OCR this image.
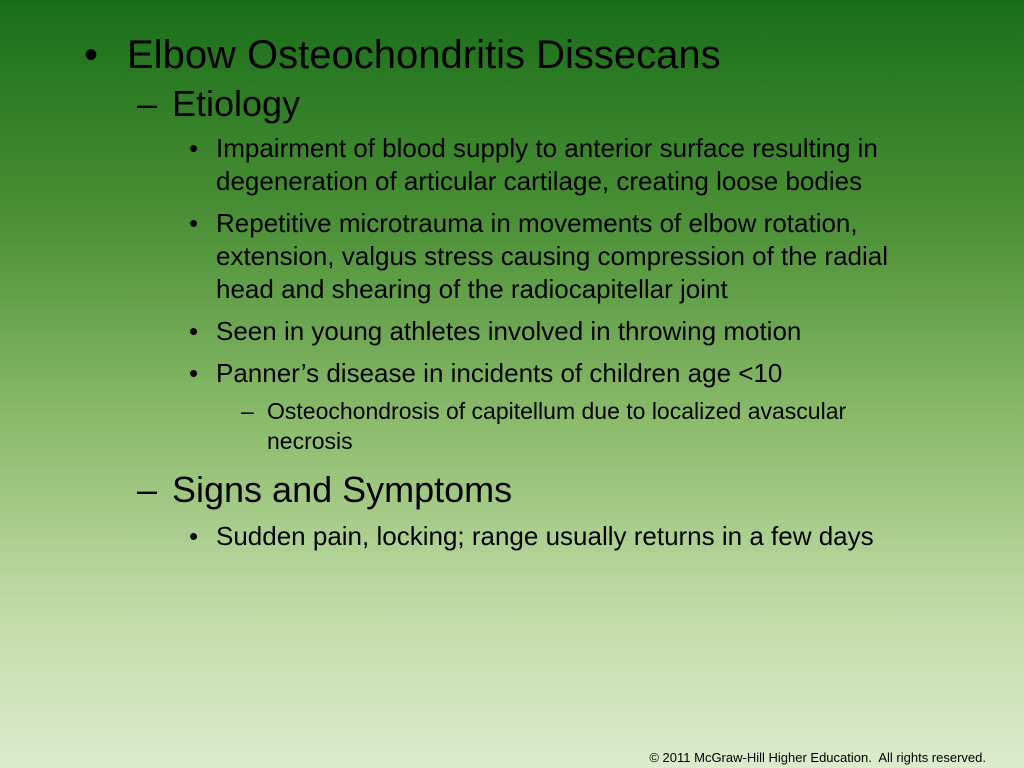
• Elbow Osteochondritis Dissecans
– Etiology
• Impairment of blood supply to anterior surface resulting in degeneration of articular cartilage, creating loose bodies
• Repetitive microtrauma in movements of elbow rotation, extension, valgus stress causing compression of the radial head and shearing of the radiocapitellar joint
• Seen in young athletes involved in throwing motion
• Panner’s disease in incidents of children age <10
– Osteochondrosis of capitellum due to localized avascular necrosis
– Signs and Symptoms
• Sudden pain, locking; range usually returns in a few days
© 2011 McGraw-Hill Higher Education.  All rights reserved.
